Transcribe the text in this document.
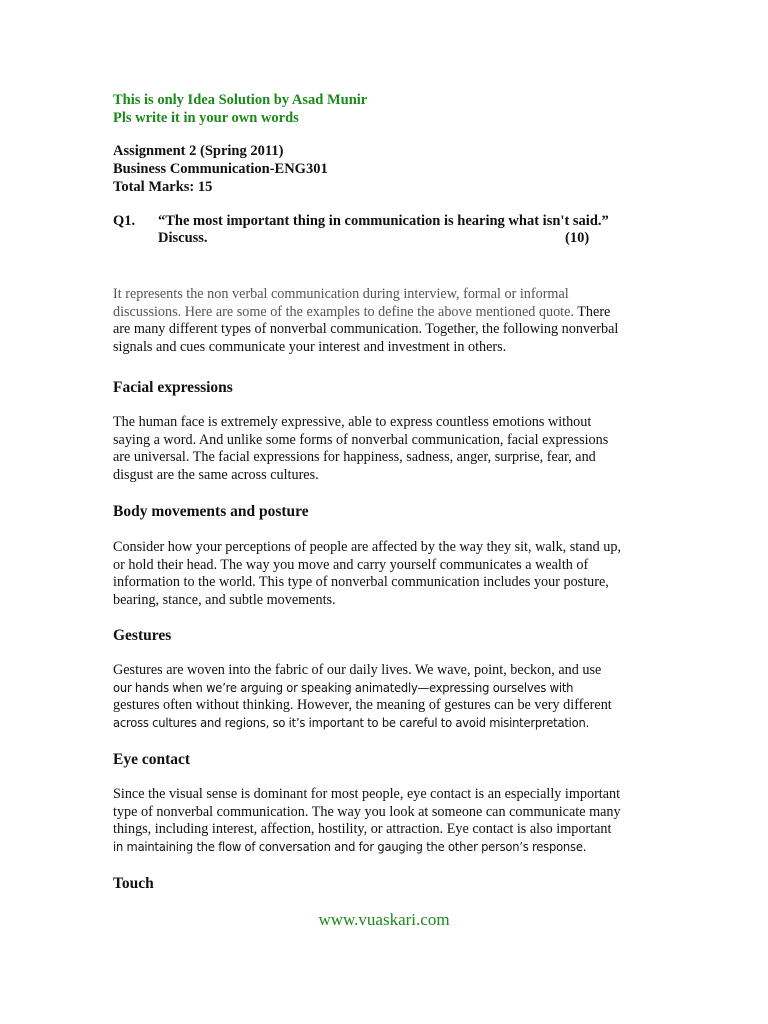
This is only Idea Solution by Asad Munir
Pls write it in your own words
Assignment 2 (Spring 2011)
Business Communication-ENG301
Total Marks: 15
Q1. “The most important thing in communication is hearing what isn't said.”
Discuss.	(10)
It represents the non verbal communication during interview, formal or informal
discussions. Here are some of the examples to define the above mentioned quote. There
are many different types of nonverbal communication. Together, the following nonverbal
signals and cues communicate your interest and investment in others.
Facial expressions
The human face is extremely expressive, able to express countless emotions without
saying a word. And unlike some forms of nonverbal communication, facial expressions
are universal. The facial expressions for happiness, sadness, anger, surprise, fear, and
disgust are the same across cultures.
Body movements and posture
Consider how your perceptions of people are affected by the way they sit, walk, stand up,
or hold their head. The way you move and carry yourself communicates a wealth of
information to the world. This type of nonverbal communication includes your posture,
bearing, stance, and subtle movements.
Gestures
Gestures are woven into the fabric of our daily lives. We wave, point, beckon, and use
our hands when we’re arguing or speaking animatedly—expressing ourselves with
gestures often without thinking. However, the meaning of gestures can be very different
across cultures and regions, so it’s important to be careful to avoid misinterpretation.
Eye contact
Since the visual sense is dominant for most people, eye contact is an especially important
type of nonverbal communication. The way you look at someone can communicate many
things, including interest, affection, hostility, or attraction. Eye contact is also important
in maintaining the flow of conversation and for gauging the other person’s response.
Touch
www.vuaskari.com
